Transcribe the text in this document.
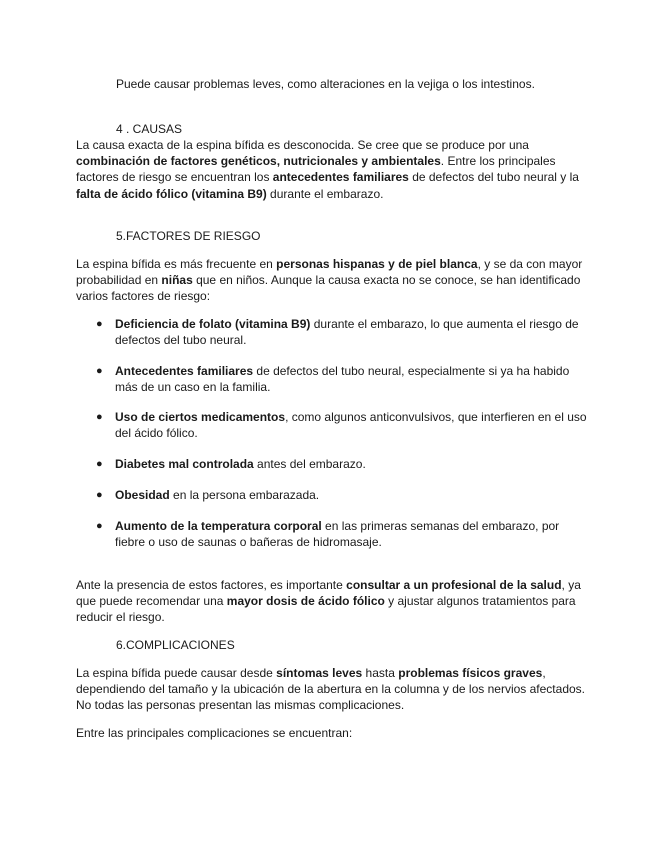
Puede causar problemas leves, como alteraciones en la vejiga o los intestinos.

4 . CAUSAS

La causa exacta de la espina bífida es desconocida. Se cree que se produce por una combinación de factores genéticos, nutricionales y ambientales. Entre los principales factores de riesgo se encuentran los antecedentes familiares de defectos del tubo neural y la falta de ácido fólico (vitamina B9) durante el embarazo.

5.FACTORES DE RIESGO

La espina bífida es más frecuente en personas hispanas y de piel blanca, y se da con mayor probabilidad en niñas que en niños. Aunque la causa exacta no se conoce, se han identificado varios factores de riesgo:

● Deficiencia de folato (vitamina B9) durante el embarazo, lo que aumenta el riesgo de defectos del tubo neural.

● Antecedentes familiares de defectos del tubo neural, especialmente si ya ha habido más de un caso en la familia.

● Uso de ciertos medicamentos, como algunos anticonvulsivos, que interfieren en el uso del ácido fólico.

● Diabetes mal controlada antes del embarazo.

● Obesidad en la persona embarazada.

● Aumento de la temperatura corporal en las primeras semanas del embarazo, por fiebre o uso de saunas o bañeras de hidromasaje.

Ante la presencia de estos factores, es importante consultar a un profesional de la salud, ya que puede recomendar una mayor dosis de ácido fólico y ajustar algunos tratamientos para reducir el riesgo.

6.COMPLICACIONES

La espina bífida puede causar desde síntomas leves hasta problemas físicos graves, dependiendo del tamaño y la ubicación de la abertura en la columna y de los nervios afectados. No todas las personas presentan las mismas complicaciones.

Entre las principales complicaciones se encuentran:
